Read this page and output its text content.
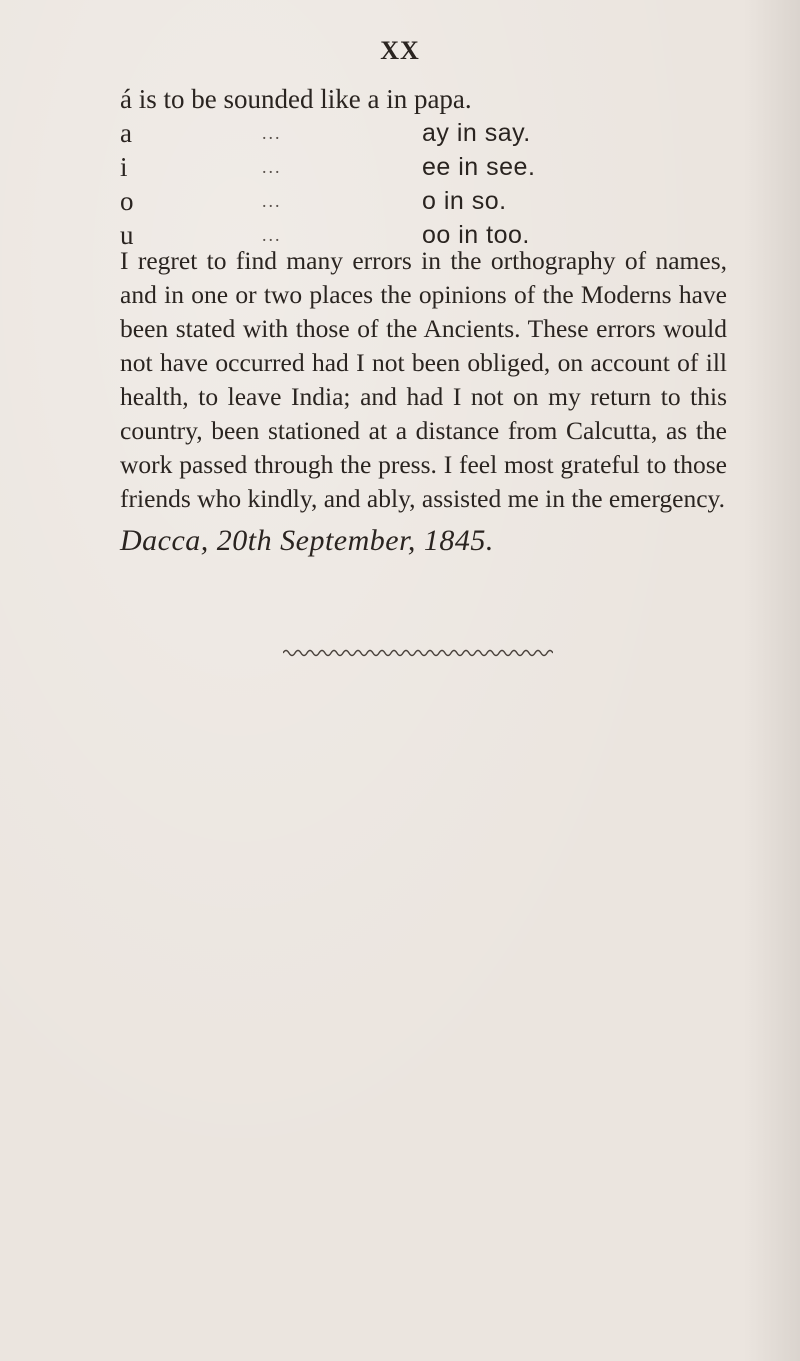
XX
á is to be sounded like a in papa.
a	...	ay in say.
i	...	ee in see.
o	...	o in so.
u	...	oo in too.

I regret to find many errors in the orthography of names, and in one or two places the opinions of the Moderns have been stated with those of the Ancients. These errors would not have occurred had I not been obliged, on account of ill health, to leave India; and had I not on my return to this country, been stationed at a distance from Calcutta, as the work passed through the press. I feel most grateful to those friends who kindly, and ably, assisted me in the emergency.

Dacca, 20th September, 1845.
